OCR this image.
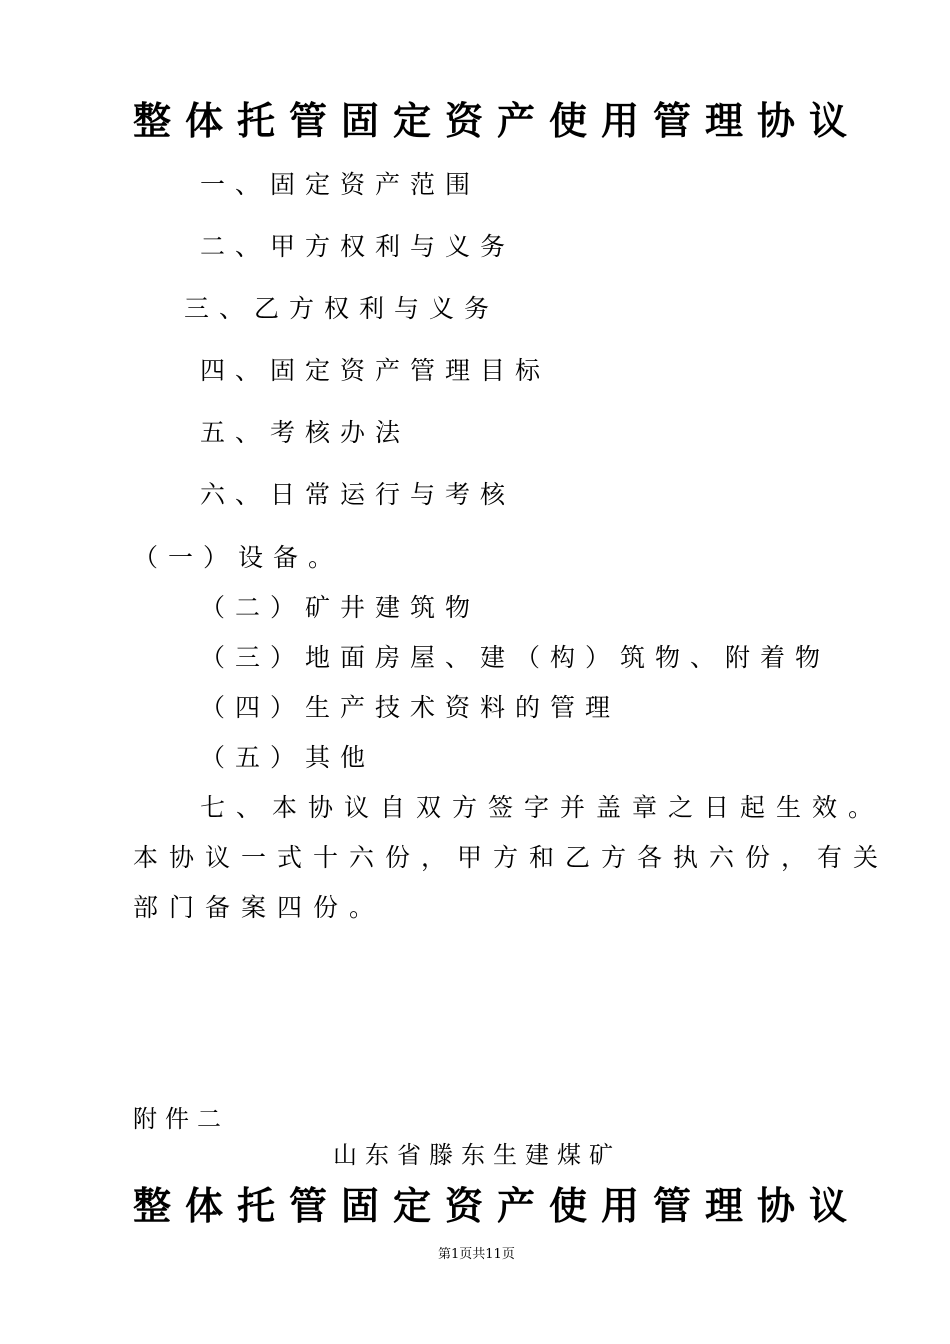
整体托管固定资产使用管理协议
一、固定资产范围
二、甲方权利与义务
三、乙方权利与义务
四、固定资产管理目标
五、考核办法
六、日常运行与考核
（一）设备。
（二）矿井建筑物
（三）地面房屋、建（构）筑物、附着物
（四）生产技术资料的管理
（五）其他
七、本协议自双方签字并盖章之日起生效。
本协议一式十六份，甲方和乙方各执六份，有关
部门备案四份。
附件二
山东省滕东生建煤矿
整体托管固定资产使用管理协议
第1页共11页
